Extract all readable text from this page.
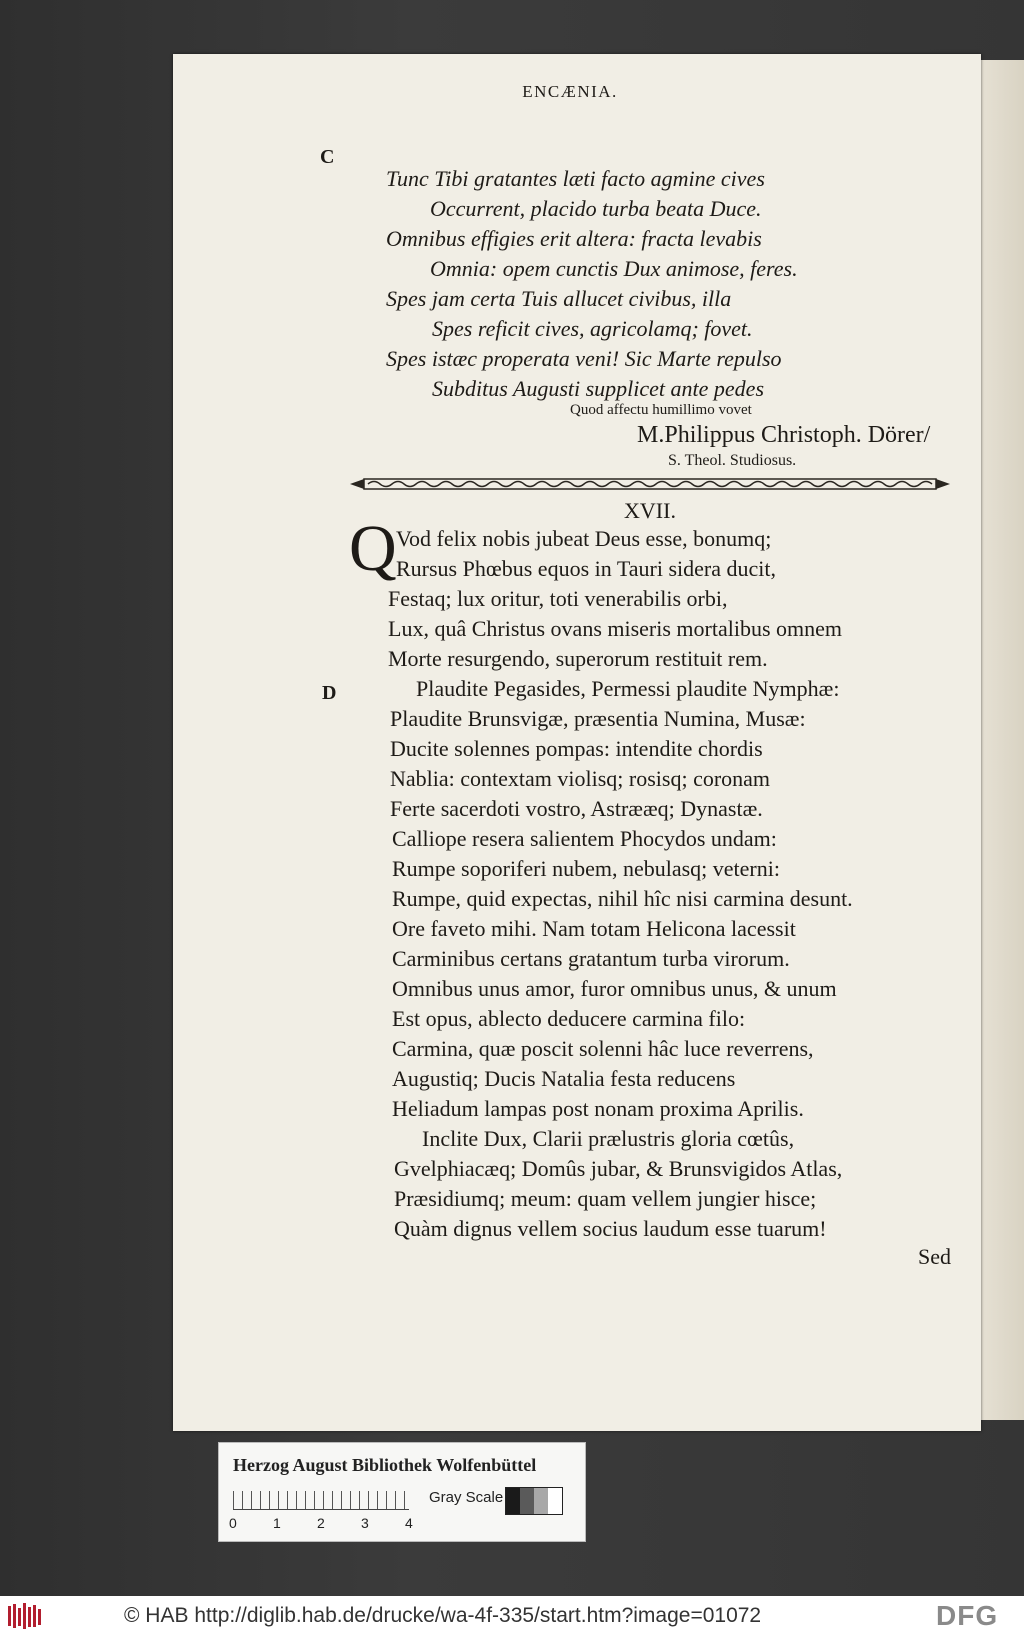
C
D
ENCÆNIA.
Tunc Tibi gratantes læti facto agmine cives
Occurrent, placido turba beata Duce.
Omnibus effigies erit altera: fracta levabis
Omnia: opem cunctis Dux animose, feres.
Spes jam certa Tuis allucet civibus, illa
Spes reficit cives, agricolamq; fovet.
Spes istæc properata veni! Sic Marte repulso
Subditus Augusti supplicet ante pedes
Quod affectu humillimo vovet
M.Philippus Christoph. Dörer/
S. Theol. Studiosus.
XVII.
Q Vod felix nobis jubeat Deus esse, bonumq;
Rursus Phœbus equos in Tauri sidera ducit,
Festaq; lux oritur, toti venerabilis orbi,
Lux, quâ Christus ovans miseris mortalibus omnem
Morte resurgendo, superorum restituit rem.
Plaudite Pegasides, Permessi plaudite Nymphæ:
Plaudite Brunsvigæ, præsentia Numina, Musæ:
Ducite solennes pompas: intendite chordis
Nablia: contextam violisq; rosisq; coronam
Ferte sacerdoti vostro, Astrææq; Dynastæ.
Calliope resera salientem Phocydos undam:
Rumpe soporiferi nubem, nebulasq; veterni:
Rumpe, quid expectas, nihil hîc nisi carmina desunt.
Ore faveto mihi. Nam totam Helicona lacessit
Carminibus certans gratantum turba virorum.
Omnibus unus amor, furor omnibus unus, & unum
Est opus, ablecto deducere carmina filo:
Carmina, quæ poscit solenni hâc luce reverrens,
Augustiq; Ducis Natalia festa reducens
Heliadum lampas post nonam proxima Aprilis.
Inclite Dux, Clarii prælustris gloria cœtûs,
Gvelphiacæq; Domûs jubar, & Brunsvigidos Atlas,
Præsidiumq; meum: quam vellem jungier hisce;
Quàm dignus vellem socius laudum esse tuarum!
Sed
Herzog August Bibliothek Wolfenbüttel
0	1	2	3	4
Gray Scale
© HAB http://diglib.hab.de/drucke/wa-4f-335/start.htm?image=01072	DFG
